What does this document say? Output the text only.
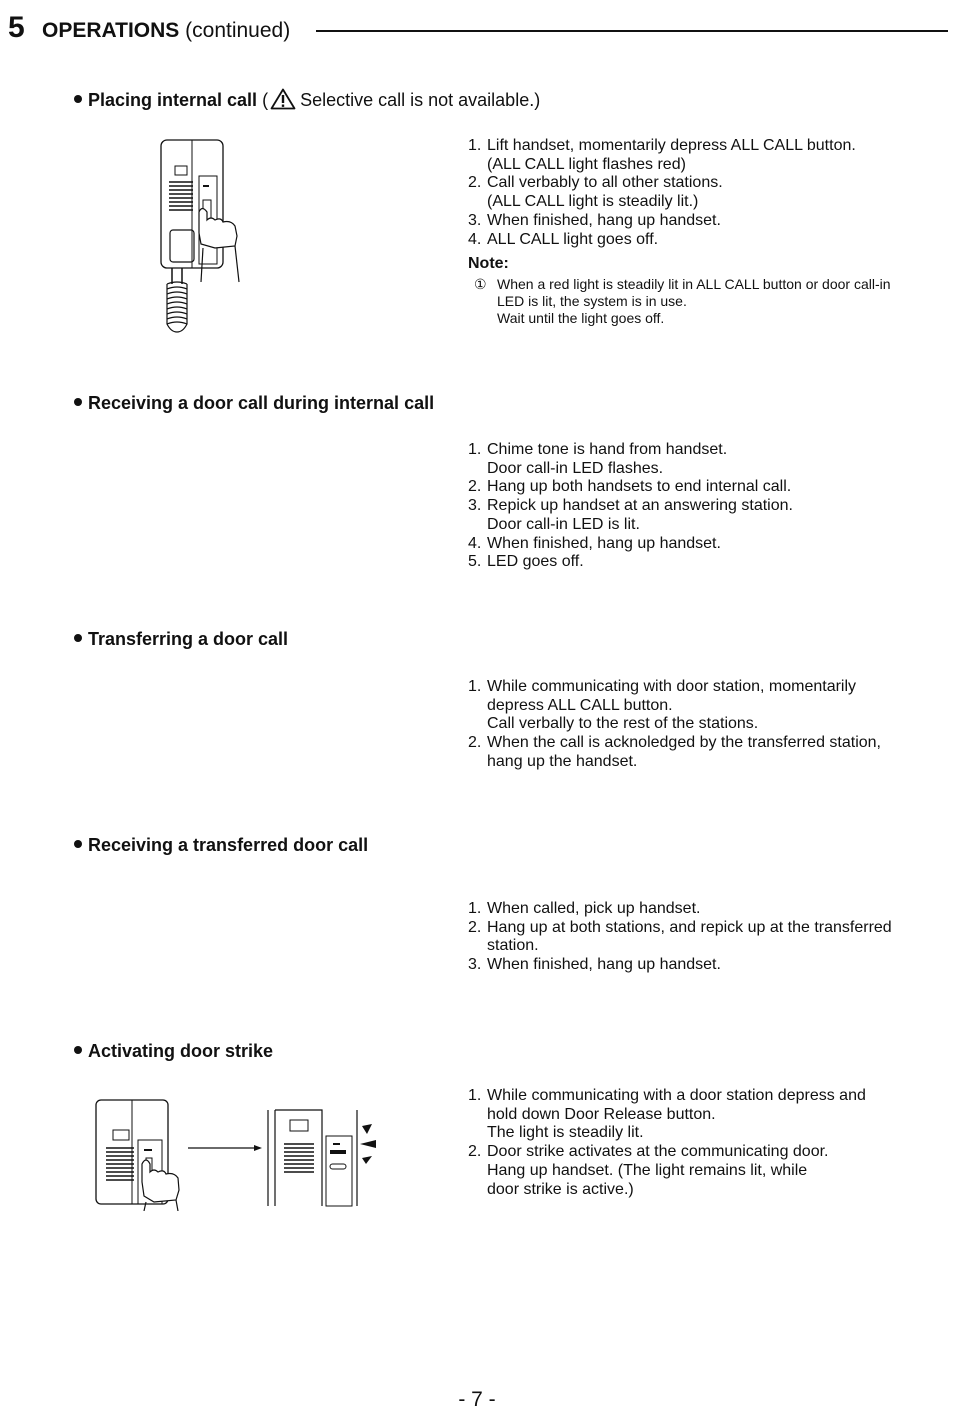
5 OPERATIONS (continued)
Placing internal call ( Selective call is not available.)
1. Lift handset, momentarily depress ALL CALL button.
(ALL CALL light flashes red)
2. Call verbably to all other stations.
(ALL CALL light is steadily lit.)
3. When finished, hang up handset.
4. ALL CALL light goes off.
Note:
① When a red light is steadily lit in ALL CALL button or door call-in
LED is lit, the system is in use.
Wait until the light goes off.
Receiving a door call during internal call
1. Chime tone is hand from handset.
Door call-in LED flashes.
2. Hang up both handsets to end internal call.
3. Repick up handset at an answering station.
Door call-in LED is lit.
4. When finished, hang up handset.
5. LED goes off.
Transferring a door call
1. While communicating with door station, momentarily
depress ALL CALL button.
Call verbally to the rest of the stations.
2. When the call is acknoledged by the transferred station,
hang up the handset.
Receiving a transferred door call
1. When called, pick up handset.
2. Hang up at both stations, and repick up at the transferred
station.
3. When finished, hang up handset.
Activating door strike
1. While communicating with a door station depress and
hold down Door Release button.
The light is steadily lit.
2. Door strike activates at the communicating door.
Hang up handset. (The light remains lit, while
door strike is active.)
- 7 -
